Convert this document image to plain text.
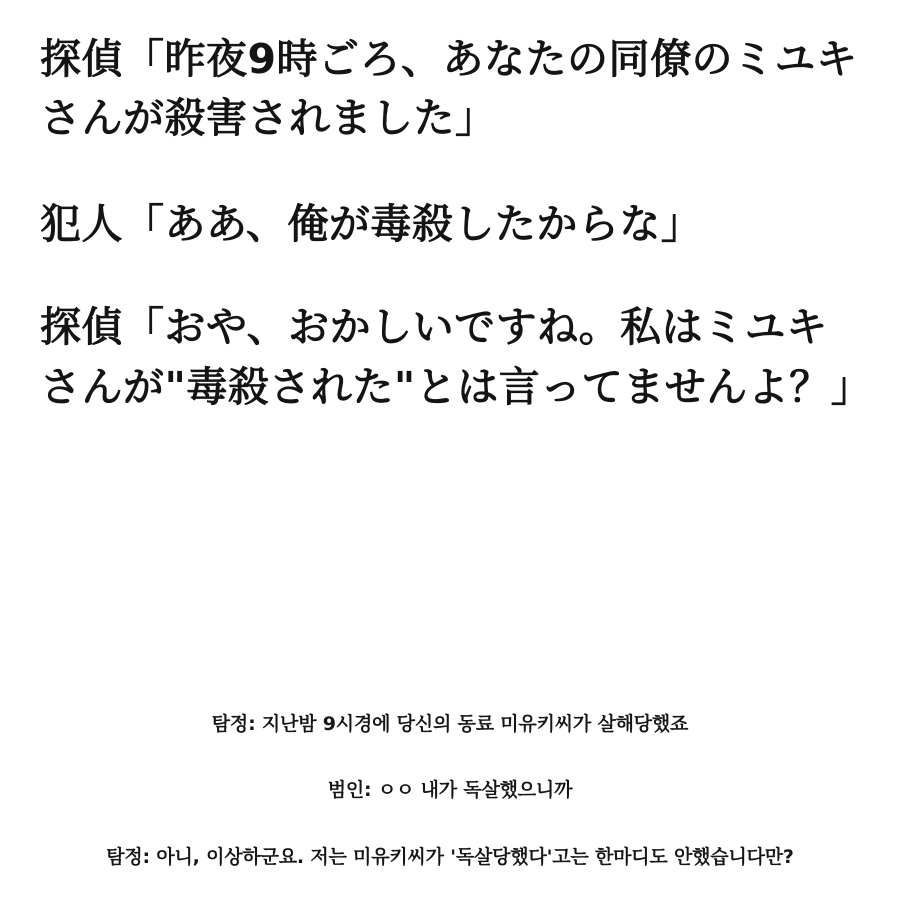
探偵「昨夜9時ごろ、あなたの同僚のミユキさんが殺害されました」

犯人「ああ、俺が毒殺したからな」

探偵「おや、おかしいですね。私はミユキさんが"毒殺された"とは言ってませんよ？」

탐정: 지난밤 9시경에 당신의 동료 미유키씨가 살해당했죠

범인: ㅇㅇ 내가 독살했으니까

탐정: 아니, 이상하군요. 저는 미유키씨가 '독살당했다'고는 한마디도 안했습니다만?
